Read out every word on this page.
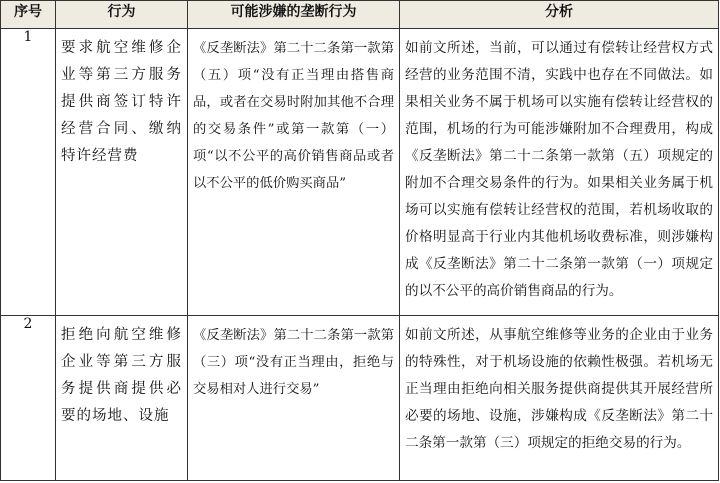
序号	行为	可能涉嫌的垄断行为	分析
1	要求航空维修企业等第三方服务提供商签订特许经营合同、缴纳特许经营费	《反垄断法》第二十二条第一款第（五）项“没有正当理由搭售商品，或者在交易时附加其他不合理的交易条件”或第一款第（一）项“以不公平的高价销售商品或者以不公平的低价购买商品”	如前文所述，当前，可以通过有偿转让经营权方式经营的业务范围不清，实践中也存在不同做法。如果相关业务不属于机场可以实施有偿转让经营权的范围，机场的行为可能涉嫌附加不合理费用，构成《反垄断法》第二十二条第一款第（五）项规定的附加不合理交易条件的行为。如果相关业务属于机场可以实施有偿转让经营权的范围，若机场收取的价格明显高于行业内其他机场收费标准，则涉嫌构成《反垄断法》第二十二条第一款第（一）项规定的以不公平的高价销售商品的行为。

2	拒绝向航空维修企业等第三方服务提供商提供必要的场地、设施	《反垄断法》第二十二条第一款第（三）项“没有正当理由，拒绝与交易相对人进行交易”	如前文所述，从事航空维修等业务的企业由于业务的特殊性，对于机场设施的依赖性极强。若机场无正当理由拒绝向相关服务提供商提供其开展经营所必要的场地、设施，涉嫌构成《反垄断法》第二十二条第一款第（三）项规定的拒绝交易的行为。
